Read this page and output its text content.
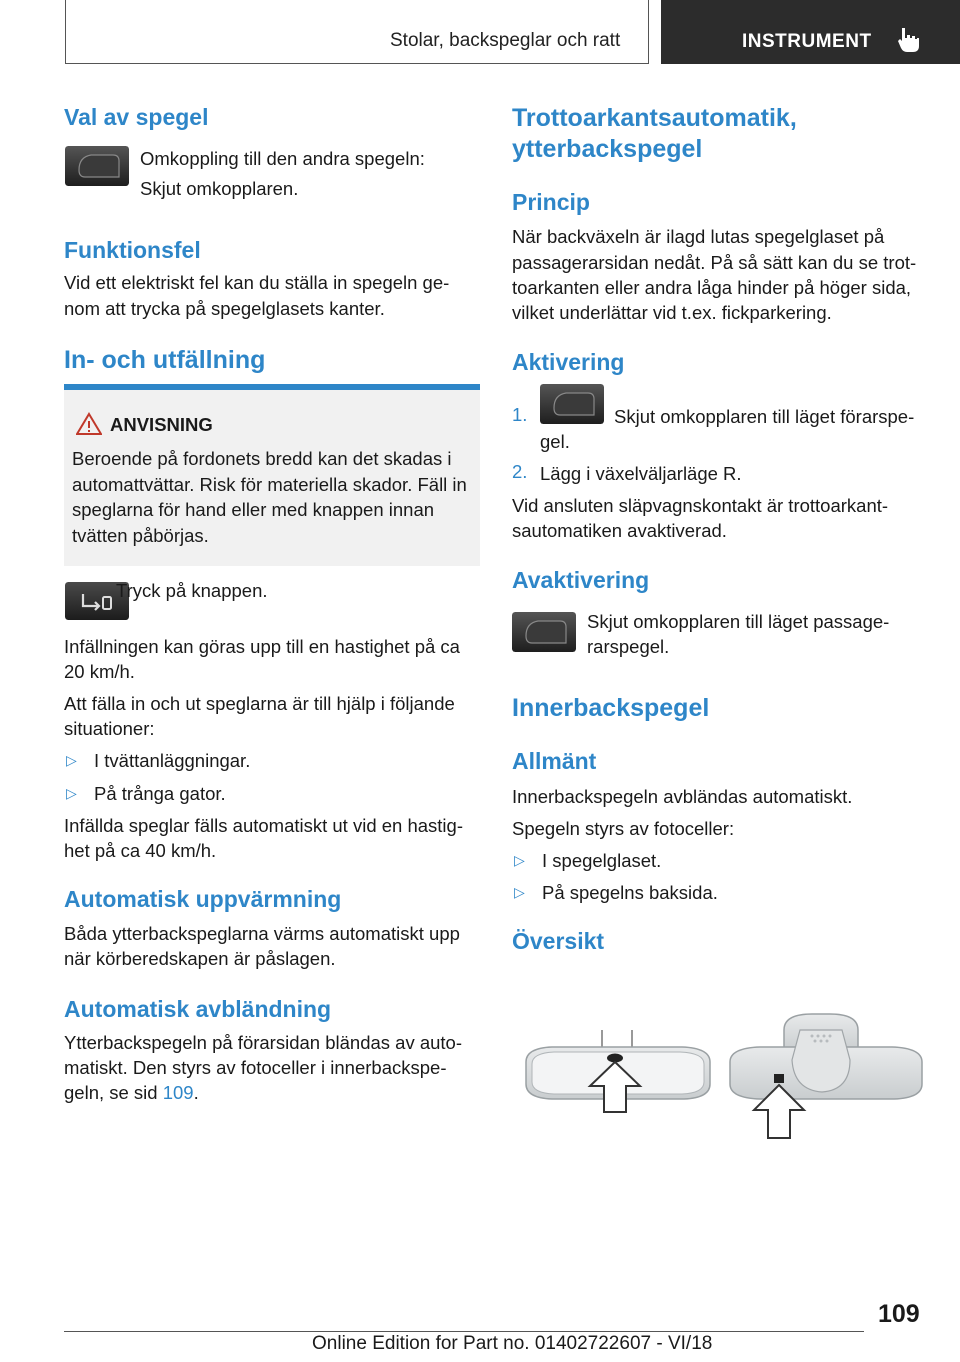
Stolar, backspeglar och ratt	INSTRUMENT
Val av spegel
Omkoppling till den andra spegeln:
Skjut omkopplaren.
Funktionsfel
Vid ett elektriskt fel kan du ställa in spegeln ge-
nom att trycka på spegelglasets kanter.
In- och utfällning
ANVISNING
Beroende på fordonets bredd kan det skadas i
automattvättar. Risk för materiella skador. Fäll in
speglarna för hand eller med knappen innan
tvätten påbörjas.
Tryck på knappen.
Infällningen kan göras upp till en hastighet på ca
20 km/h.
Att fälla in och ut speglarna är till hjälp i följande
situationer:
▷ I tvättanläggningar.
▷ På trånga gator.
Infällda speglar fälls automatiskt ut vid en hastig-
het på ca 40 km/h.
Automatisk uppvärmning
Båda ytterbackspeglarna värms automatiskt upp
när körberedskapen är påslagen.
Automatisk avbländning
Ytterbackspegeln på förarsidan bländas av auto-
matiskt. Den styrs av fotoceller i innerbackspe-
geln, se sid 109.
Trottoarkantsautomatik,
ytterbackspegel
Princip
När backväxeln är ilagd lutas spegelglaset på
passagerarsidan nedåt. På så sätt kan du se trot-
toarkanten eller andra låga hinder på höger sida,
vilket underlättar vid t.ex. fickparkering.
Aktivering
1.	Skjut omkopplaren till läget förarspe-
gel.
2. Lägg i växelväljarläge R.
Vid ansluten släpvagnskontakt är trottoarkant-
sautomatiken avaktiverad.
Avaktivering
Skjut omkopplaren till läget passage-
rarspegel.
Innerbackspegel
Allmänt
Innerbackspegeln avbländas automatiskt.
Spegeln styrs av fotoceller:
▷ I spegelglaset.
▷ På spegelns baksida.
Översikt
109
Online Edition for Part no. 01402722607 - VI/18
